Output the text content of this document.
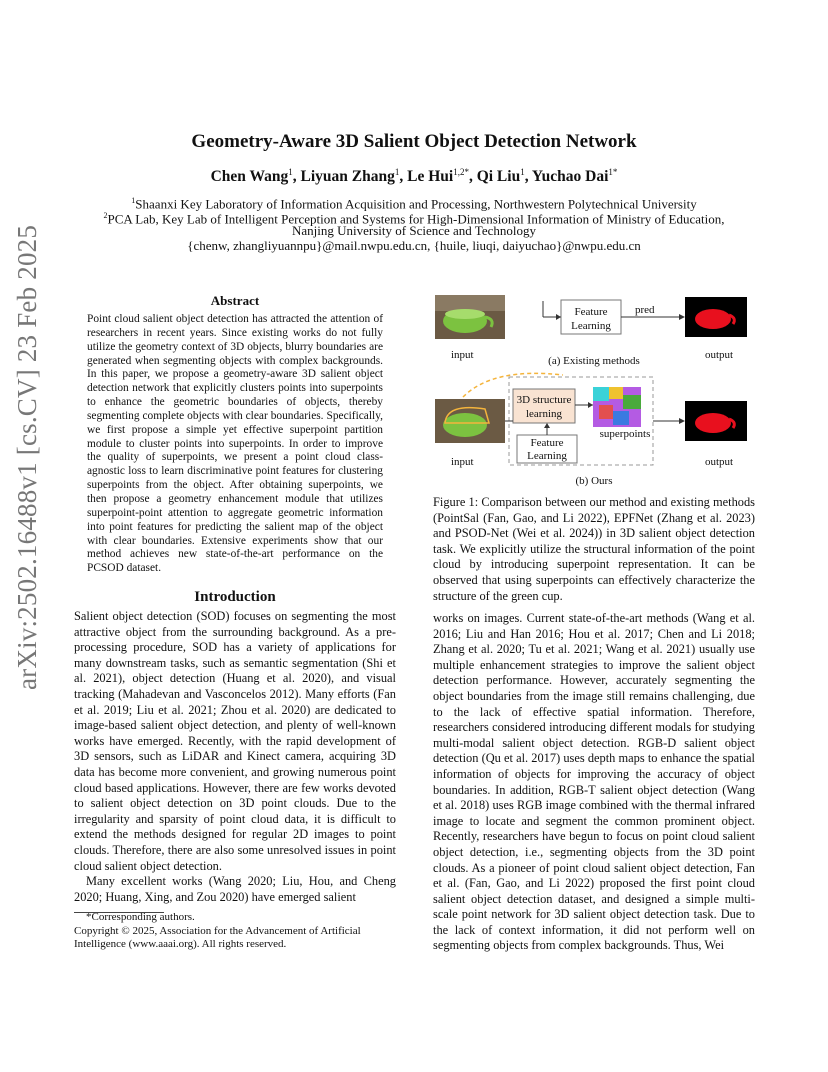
arXiv:2502.16488v1 [cs.CV] 23 Feb 2025
Geometry-Aware 3D Salient Object Detection Network
Chen Wang$^1$, Liyuan Zhang$^1$, Le Hui$^{1,2*}$, Qi Liu$^1$, Yuchao Dai$^{1*}$
$^1$Shaanxi Key Laboratory of Information Acquisition and Processing, Northwestern Polytechnical University
$^2$PCA Lab, Key Lab of Intelligent Perception and Systems for High-Dimensional Information of Ministry of Education,
Nanjing University of Science and Technology
{chenw, zhangliyuannpu}@mail.nwpu.edu.cn, {huile, liuqi, daiyuchao}@nwpu.edu.cn
Abstract
Point cloud salient object detection has attracted the attention of researchers in recent years. Since existing works do not fully utilize the geometry context of 3D objects, blurry boundaries are generated when segmenting objects with complex backgrounds. In this paper, we propose a geometry-aware 3D salient object detection network that explicitly clusters points into superpoints to enhance the geometric boundaries of objects, thereby segmenting complete objects with clear boundaries. Specifically, we first propose a simple yet effective superpoint partition module to cluster points into superpoints. In order to improve the quality of superpoints, we present a point cloud class-agnostic loss to learn discriminative point features for clustering superpoints from the object. After obtaining superpoints, we then propose a geometry enhancement module that utilizes superpoint-point attention to aggregate geometric information into point features for predicting the salient map of the object with clear boundaries. Extensive experiments show that our method achieves new state-of-the-art performance on the PCSOD dataset.
Introduction

Salient object detection (SOD) focuses on segmenting the most attractive object from the surrounding background. As a pre-processing procedure, SOD has a variety of applications for many downstream tasks, such as semantic segmentation (Shi et al. 2021), object detection (Huang et al. 2020), and visual tracking (Mahadevan and Vasconcelos 2012). Many efforts (Fan et al. 2019; Liu et al. 2021; Zhou et al. 2020) are dedicated to image-based salient object detection, and plenty of well-known works have emerged. Recently, with the rapid development of 3D sensors, such as LiDAR and Kinect camera, acquiring 3D data has become more convenient, and growing numerous point cloud based applications. However, there are few works devoted to salient object detection on 3D point clouds. Due to the irregularity and sparsity of point cloud data, it is difficult to extend the methods designed for regular 2D images to point clouds. Therefore, there are also some unresolved issues in point cloud salient object detection.

Many excellent works (Wang 2020; Liu, Hou, and Cheng 2020; Huang, Xing, and Zou 2020) have emerged salient

*Corresponding authors.
Copyright © 2025, Association for the Advancement of Artificial Intelligence (www.aaai.org). All rights reserved.
input
Feature
Learning
pred
output
(a) Existing methods
input
3D structure
learning
superpoints
Feature
Learning	output
(b) Ours
Figure 1: Comparison between our method and existing methods (PointSal (Fan, Gao, and Li 2022), EPFNet (Zhang et al. 2023) and PSOD-Net (Wei et al. 2024)) in 3D salient object detection task. We explicitly utilize the structural information of the point cloud by introducing superpoint representation. It can be observed that using superpoints can effectively characterize the structure of the green cup.

works on images. Current state-of-the-art methods (Wang et al. 2016; Liu and Han 2016; Hou et al. 2017; Chen and Li 2018; Zhang et al. 2020; Tu et al. 2021; Wang et al. 2021) usually use multiple enhancement strategies to improve the salient object detection performance. However, accurately segmenting the object boundaries from the image still remains challenging, due to the lack of effective spatial information. Therefore, researchers considered introducing different modals for studying multi-modal salient object detection. RGB-D salient object detection (Qu et al. 2017) uses depth maps to enhance the spatial information of objects for improving the accuracy of object boundaries. In addition, RGB-T salient object detection (Wang et al. 2018) uses RGB image combined with the thermal infrared image to locate and segment the common prominent object. Recently, researchers have begun to focus on point cloud salient object detection, i.e., segmenting objects from the 3D point clouds. As a pioneer of point cloud salient object detection, Fan et al. (Fan, Gao, and Li 2022) proposed the first point cloud salient object detection dataset, and designed a simple multi-scale point network for 3D salient object detection task. Due to the lack of context information, it did not perform well on segmenting objects from complex backgrounds. Thus, Wei
